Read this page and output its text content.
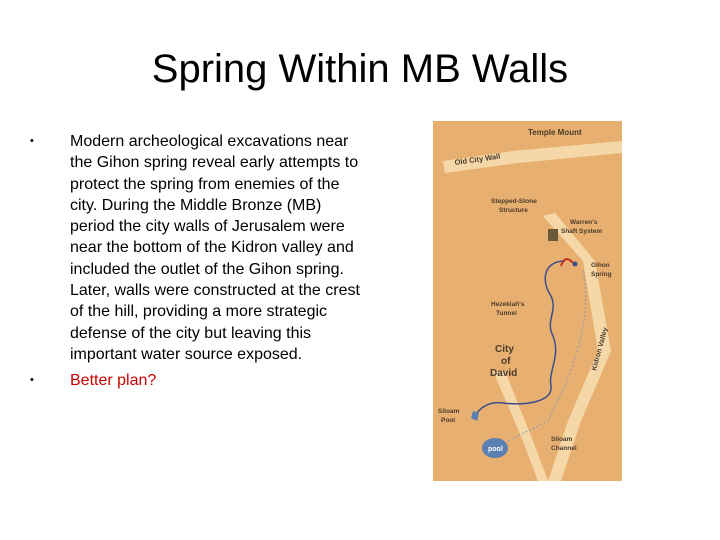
Spring Within MB Walls
•	Modern archeological excavations near the Gihon spring reveal early attempts to protect the spring from enemies of the city. During the Middle Bronze (MB) period the city walls of Jerusalem were near the bottom of the Kidron valley and included the outlet of the Gihon spring. Later, walls were constructed at the crest of the hill, providing a more strategic defense of the city but leaving this important water source exposed.
•	Better plan?
Temple Mount
Old City Wall
Stepped-Stone
Structure
Warren's
Shaft System
Gihon
Spring
Hezekiah's
Tunnel
City
of
David
Kidron Valley
Siloam
Pool
Siloam
Channel
pool
